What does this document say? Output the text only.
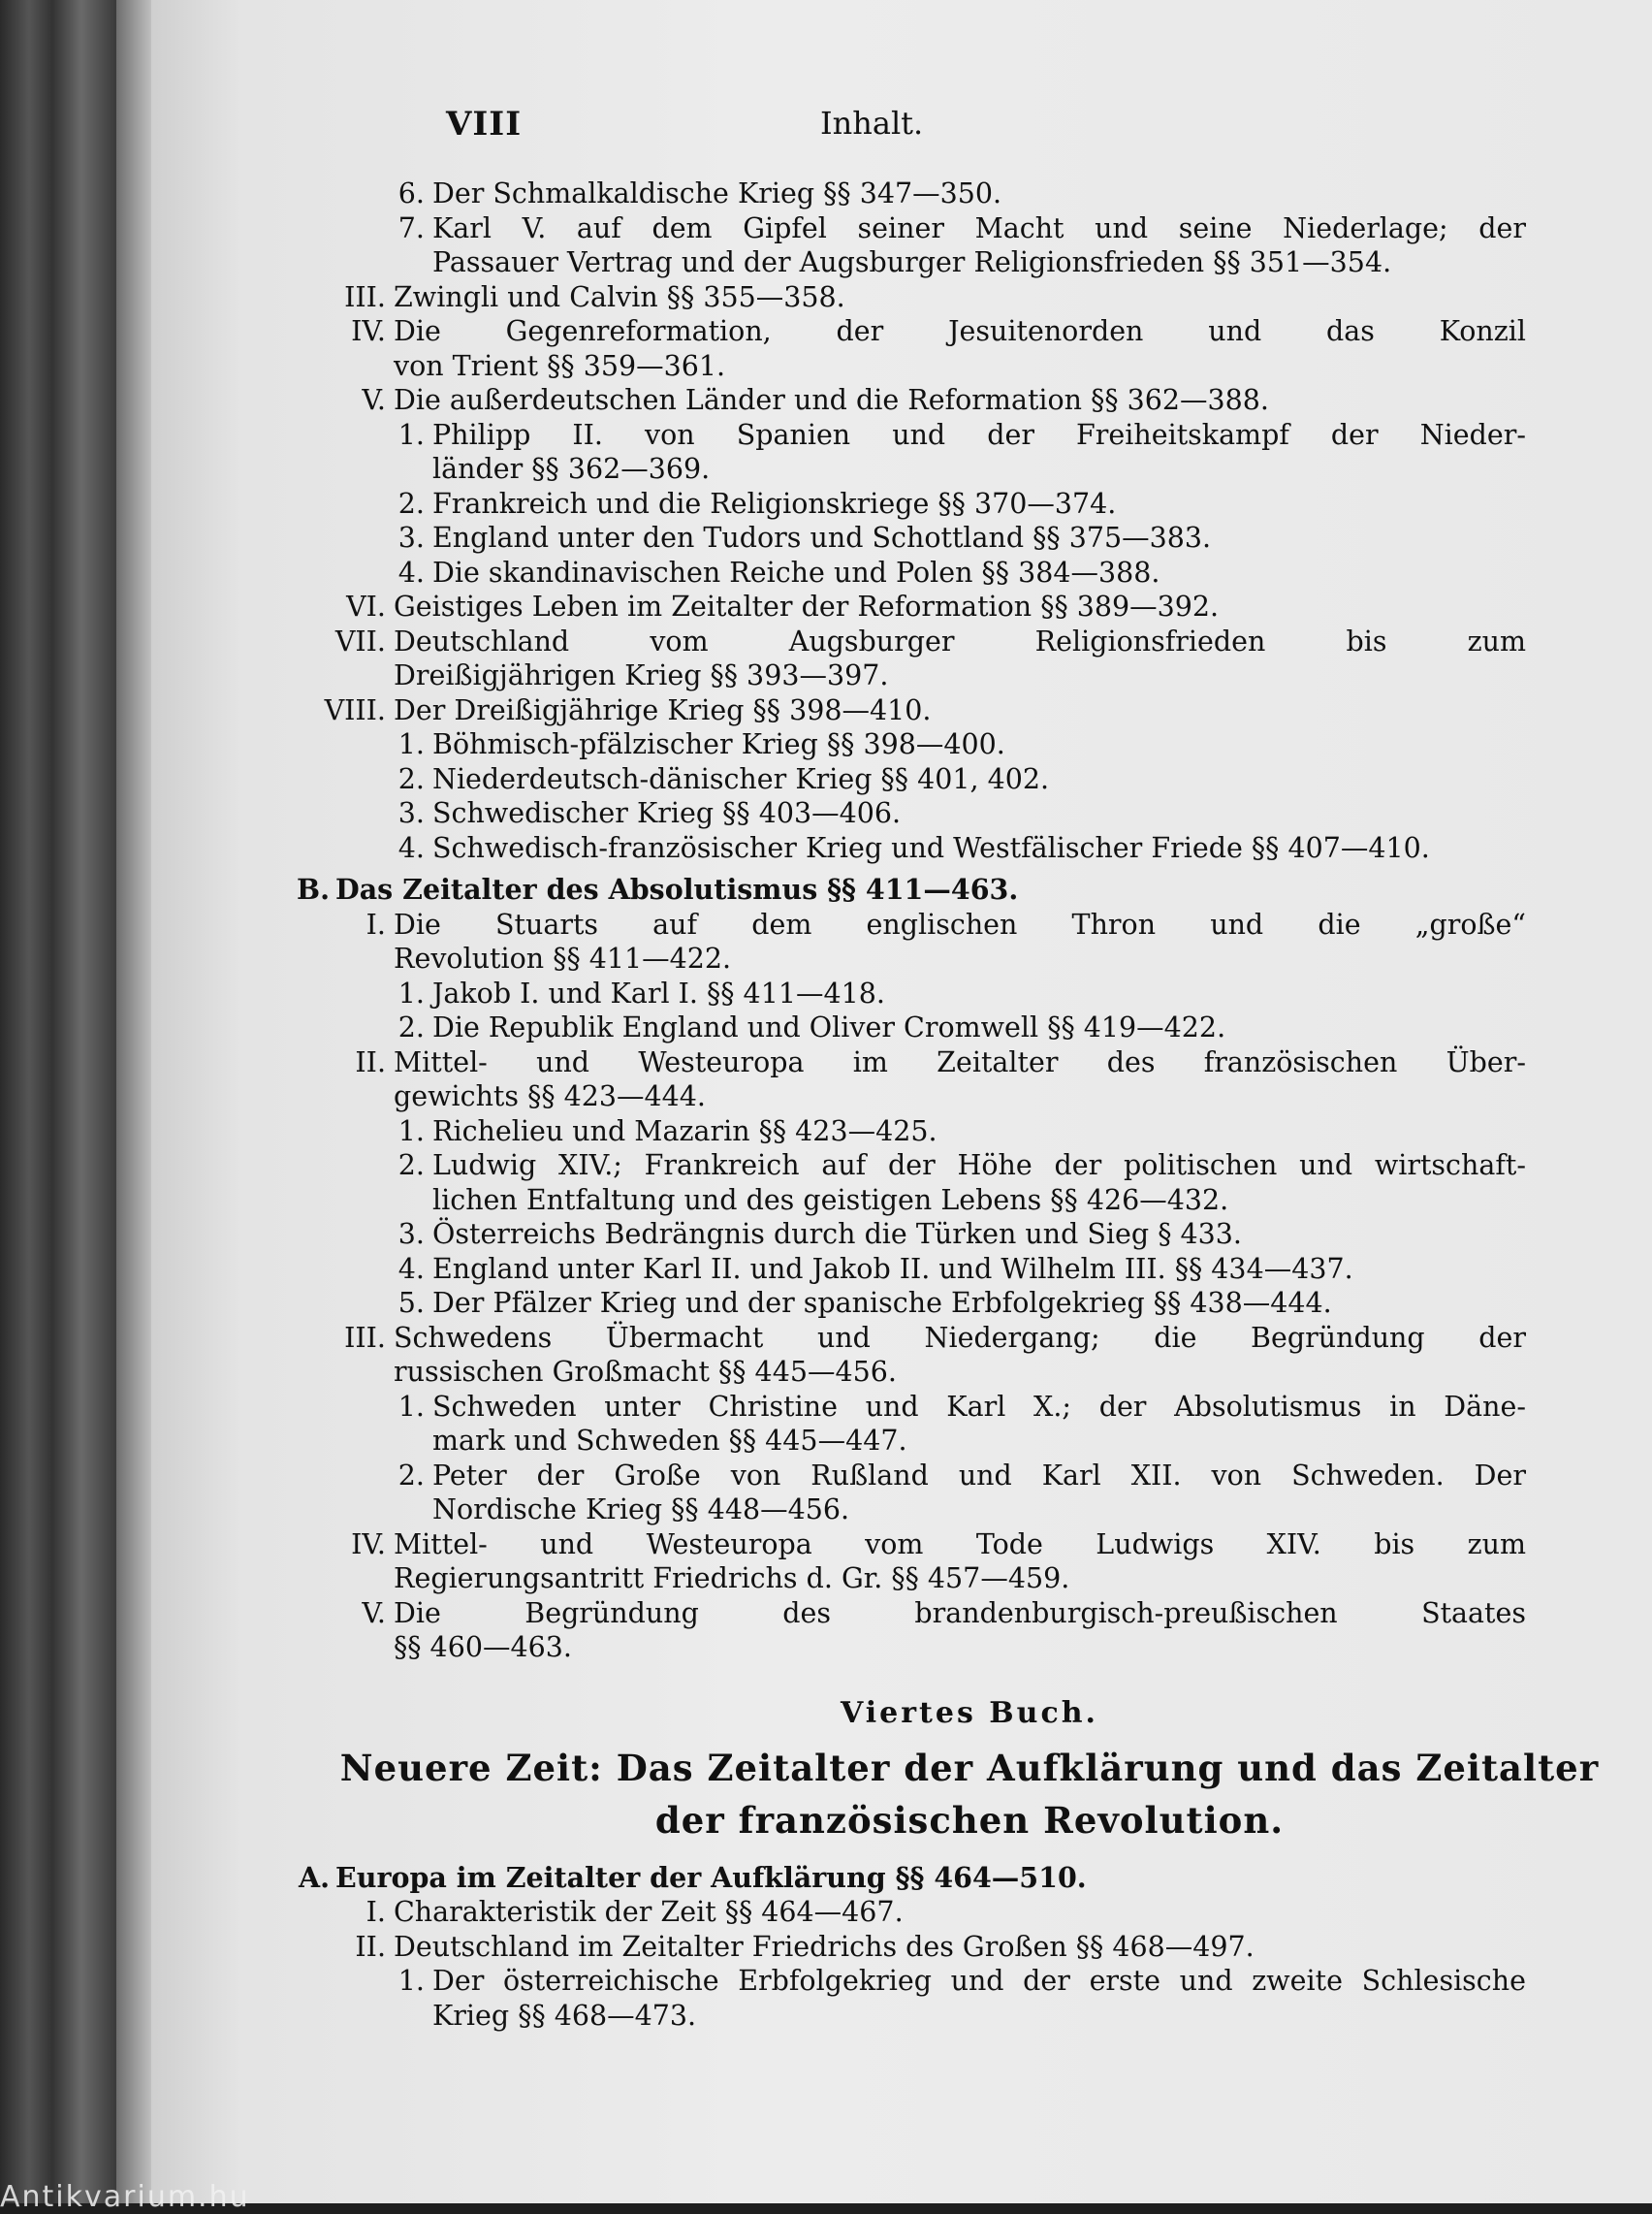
VIII	Inhalt.
6. Der Schmalkaldische Krieg §§ 347—350.
7. Karl V. auf dem Gipfel seiner Macht und seine Niederlage; der
Passauer Vertrag und der Augsburger Religionsfrieden §§ 351—354.
III. Zwingli und Calvin §§ 355—358.
IV. Die Gegenreformation, der Jesuitenorden und das Konzil
von Trient §§ 359—361.
V. Die außerdeutschen Länder und die Reformation §§ 362—388.
1. Philipp II. von Spanien und der Freiheitskampf der Nieder-
länder §§ 362—369.
2. Frankreich und die Religionskriege §§ 370—374.
3. England unter den Tudors und Schottland §§ 375—383.
4. Die skandinavischen Reiche und Polen §§ 384—388.
VI. Geistiges Leben im Zeitalter der Reformation §§ 389—392.
VII. Deutschland vom Augsburger Religionsfrieden bis zum
Dreißigjährigen Krieg §§ 393—397.
VIII. Der Dreißigjährige Krieg §§ 398—410.
1. Böhmisch-pfälzischer Krieg §§ 398—400.
2. Niederdeutsch-dänischer Krieg §§ 401, 402.
3. Schwedischer Krieg §§ 403—406.
4. Schwedisch-französischer Krieg und Westfälischer Friede §§ 407—410.
B. Das Zeitalter des Absolutismus §§ 411—463.
I. Die Stuarts auf dem englischen Thron und die „große“
Revolution §§ 411—422.
1. Jakob I. und Karl I. §§ 411—418.
2. Die Republik England und Oliver Cromwell §§ 419—422.
II. Mittel- und Westeuropa im Zeitalter des französischen Über-
gewichts §§ 423—444.
1. Richelieu und Mazarin §§ 423—425.
2. Ludwig XIV.; Frankreich auf der Höhe der politischen und wirtschaft-
lichen Entfaltung und des geistigen Lebens §§ 426—432.
3. Österreichs Bedrängnis durch die Türken und Sieg § 433.
4. England unter Karl II. und Jakob II. und Wilhelm III. §§ 434—437.
5. Der Pfälzer Krieg und der spanische Erbfolgekrieg §§ 438—444.
III. Schwedens Übermacht und Niedergang; die Begründung der
russischen Großmacht §§ 445—456.
1. Schweden unter Christine und Karl X.; der Absolutismus in Däne-
mark und Schweden §§ 445—447.
2. Peter der Große von Rußland und Karl XII. von Schweden. Der
Nordische Krieg §§ 448—456.
IV. Mittel- und Westeuropa vom Tode Ludwigs XIV. bis zum
Regierungsantritt Friedrichs d. Gr. §§ 457—459.
V. Die Begründung des brandenburgisch-preußischen Staates
§§ 460—463.
Viertes Buch.
Neuere Zeit: Das Zeitalter der Aufklärung und das Zeitalter
der französischen Revolution.
A. Europa im Zeitalter der Aufklärung §§ 464—510.
I. Charakteristik der Zeit §§ 464—467.
II. Deutschland im Zeitalter Friedrichs des Großen §§ 468—497.
1. Der österreichische Erbfolgekrieg und der erste und zweite Schlesische
Krieg §§ 468—473.
Antikvarium.hu
